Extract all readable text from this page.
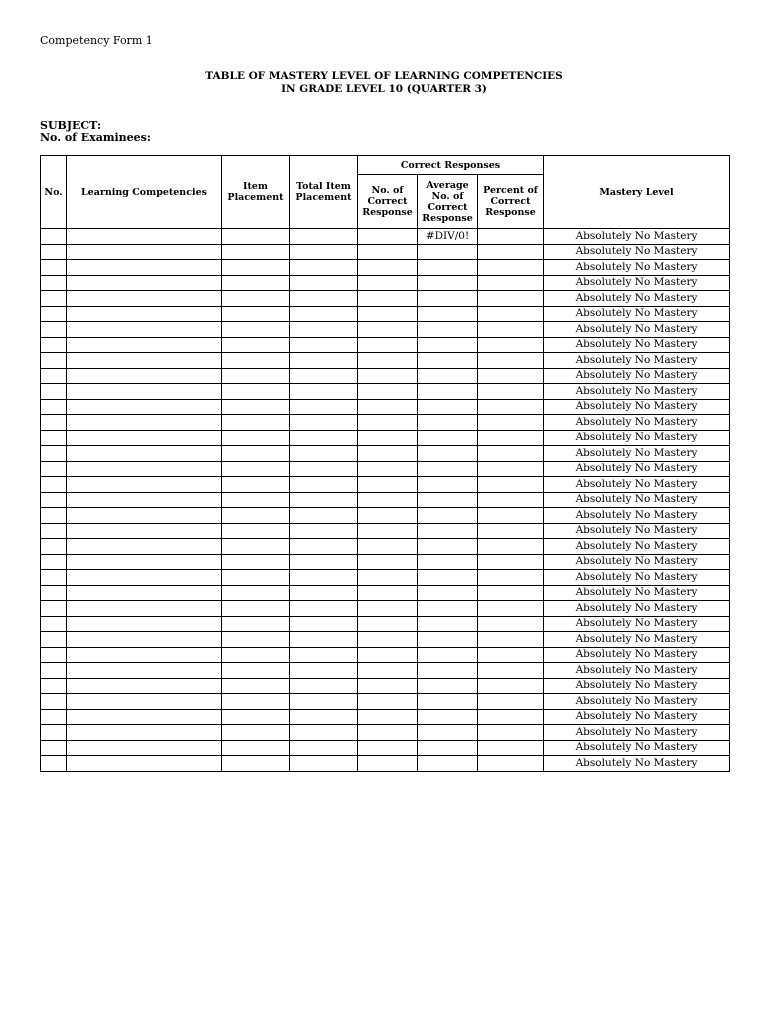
Competency Form 1
TABLE OF MASTERY LEVEL OF LEARNING COMPETENCIES
IN GRADE LEVEL 10 (QUARTER 3)
SUBJECT:
No. of Examinees:
No.	Learning Competencies	Item Placement	Total Item Placement	Correct Responses			Mastery Level
				No. of Correct Response	Average No. of Correct Response	Percent of Correct Response	
					#DIV/0!		Absolutely No Mastery
							Absolutely No Mastery
							Absolutely No Mastery
							Absolutely No Mastery
							Absolutely No Mastery
							Absolutely No Mastery
							Absolutely No Mastery
							Absolutely No Mastery
							Absolutely No Mastery
							Absolutely No Mastery
							Absolutely No Mastery
							Absolutely No Mastery
							Absolutely No Mastery
							Absolutely No Mastery
							Absolutely No Mastery
							Absolutely No Mastery
							Absolutely No Mastery
							Absolutely No Mastery
							Absolutely No Mastery
							Absolutely No Mastery
							Absolutely No Mastery
							Absolutely No Mastery
							Absolutely No Mastery
							Absolutely No Mastery
							Absolutely No Mastery
							Absolutely No Mastery
							Absolutely No Mastery
							Absolutely No Mastery
							Absolutely No Mastery
							Absolutely No Mastery
							Absolutely No Mastery
							Absolutely No Mastery
							Absolutely No Mastery
							Absolutely No Mastery
							Absolutely No Mastery
